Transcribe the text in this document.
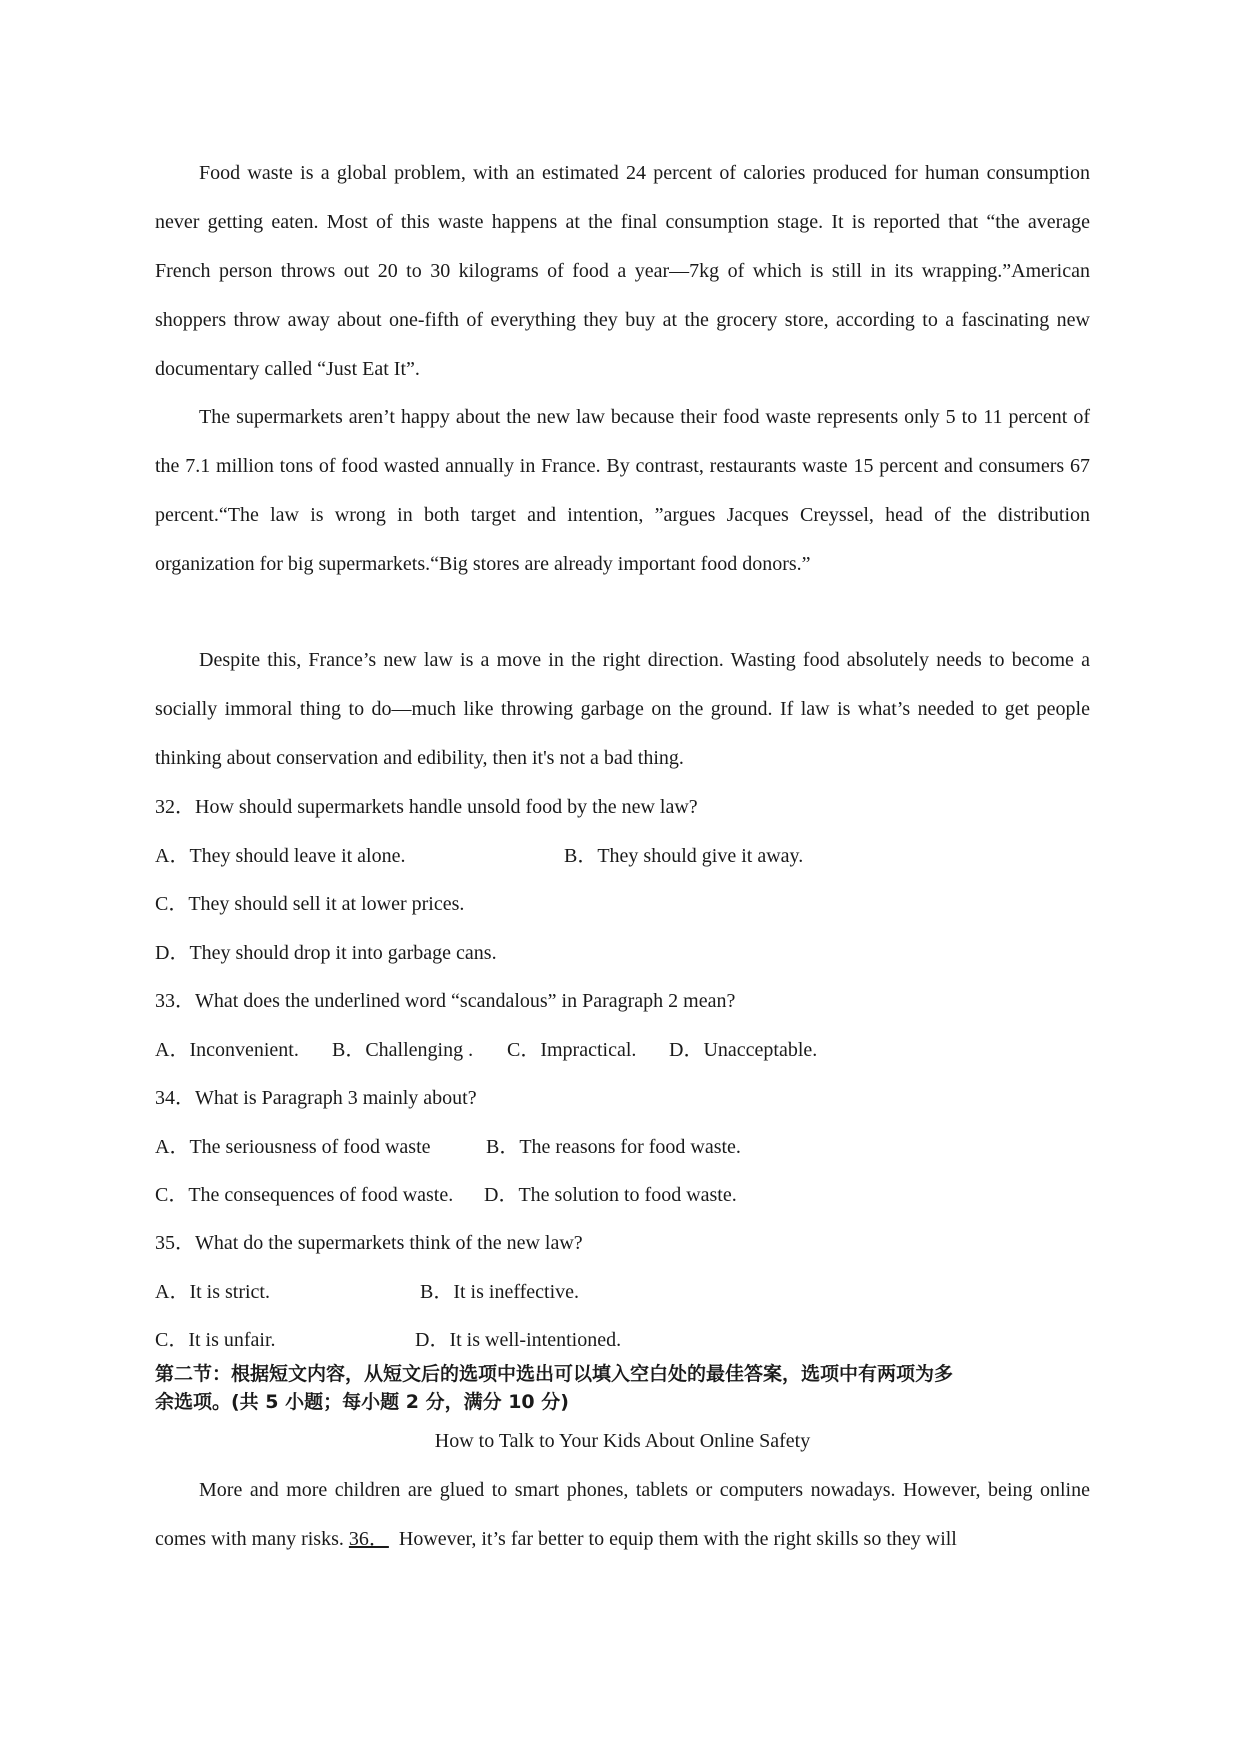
Food waste is a global problem, with an estimated 24 percent of calories produced for human consumption never getting eaten. Most of this waste happens at the final consumption stage. It is reported that “the average French person throws out 20 to 30 kilograms of food a year—7kg of which is still in its wrapping.”American shoppers throw away about one-fifth of everything they buy at the grocery store, according to a fascinating new documentary called “Just Eat It”.

The supermarkets aren’t happy about the new law because their food waste represents only 5 to 11 percent of the 7.1 million tons of food wasted annually in France. By contrast, restaurants waste 15 percent and consumers 67 percent.“The law is wrong in both target and intention, ”argues Jacques Creyssel, head of the distribution organization for big supermarkets.“Big stores are already important food donors.”

Despite this, France’s new law is a move in the right direction. Wasting food absolutely needs to become a socially immoral thing to do—much like throwing garbage on the ground. If law is what’s needed to get people thinking about conservation and edibility, then it's not a bad thing.

32．How should supermarkets handle unsold food by the new law?
A．They should leave it alone.	B．They should give it away.
C．They should sell it at lower prices.
D．They should drop it into garbage cans.
33．What does the underlined word “scandalous” in Paragraph 2 mean?
A．Inconvenient. B．Challenging . C．Impractical. D．Unacceptable.
34．What is Paragraph 3 mainly about?
A．The seriousness of food waste	B．The reasons for food waste.
C．The consequences of food waste. D．The solution to food waste.
35．What do the supermarkets think of the new law?
A．It is strict.	B．It is ineffective.
C．It is unfair.	D．It is well-intentioned.
第二节：根据短文内容，从短文后的选项中选出可以填入空白处的最佳答案，选项中有两项为多
余选项。(共 5 小题；每小题 2 分，满分 10 分)
How to Talk to Your Kids About Online Safety

More and more children are glued to smart phones, tablets or computers nowadays. However, being online comes with many risks. 36． However, it’s far better to equip them with the right skills so they will
